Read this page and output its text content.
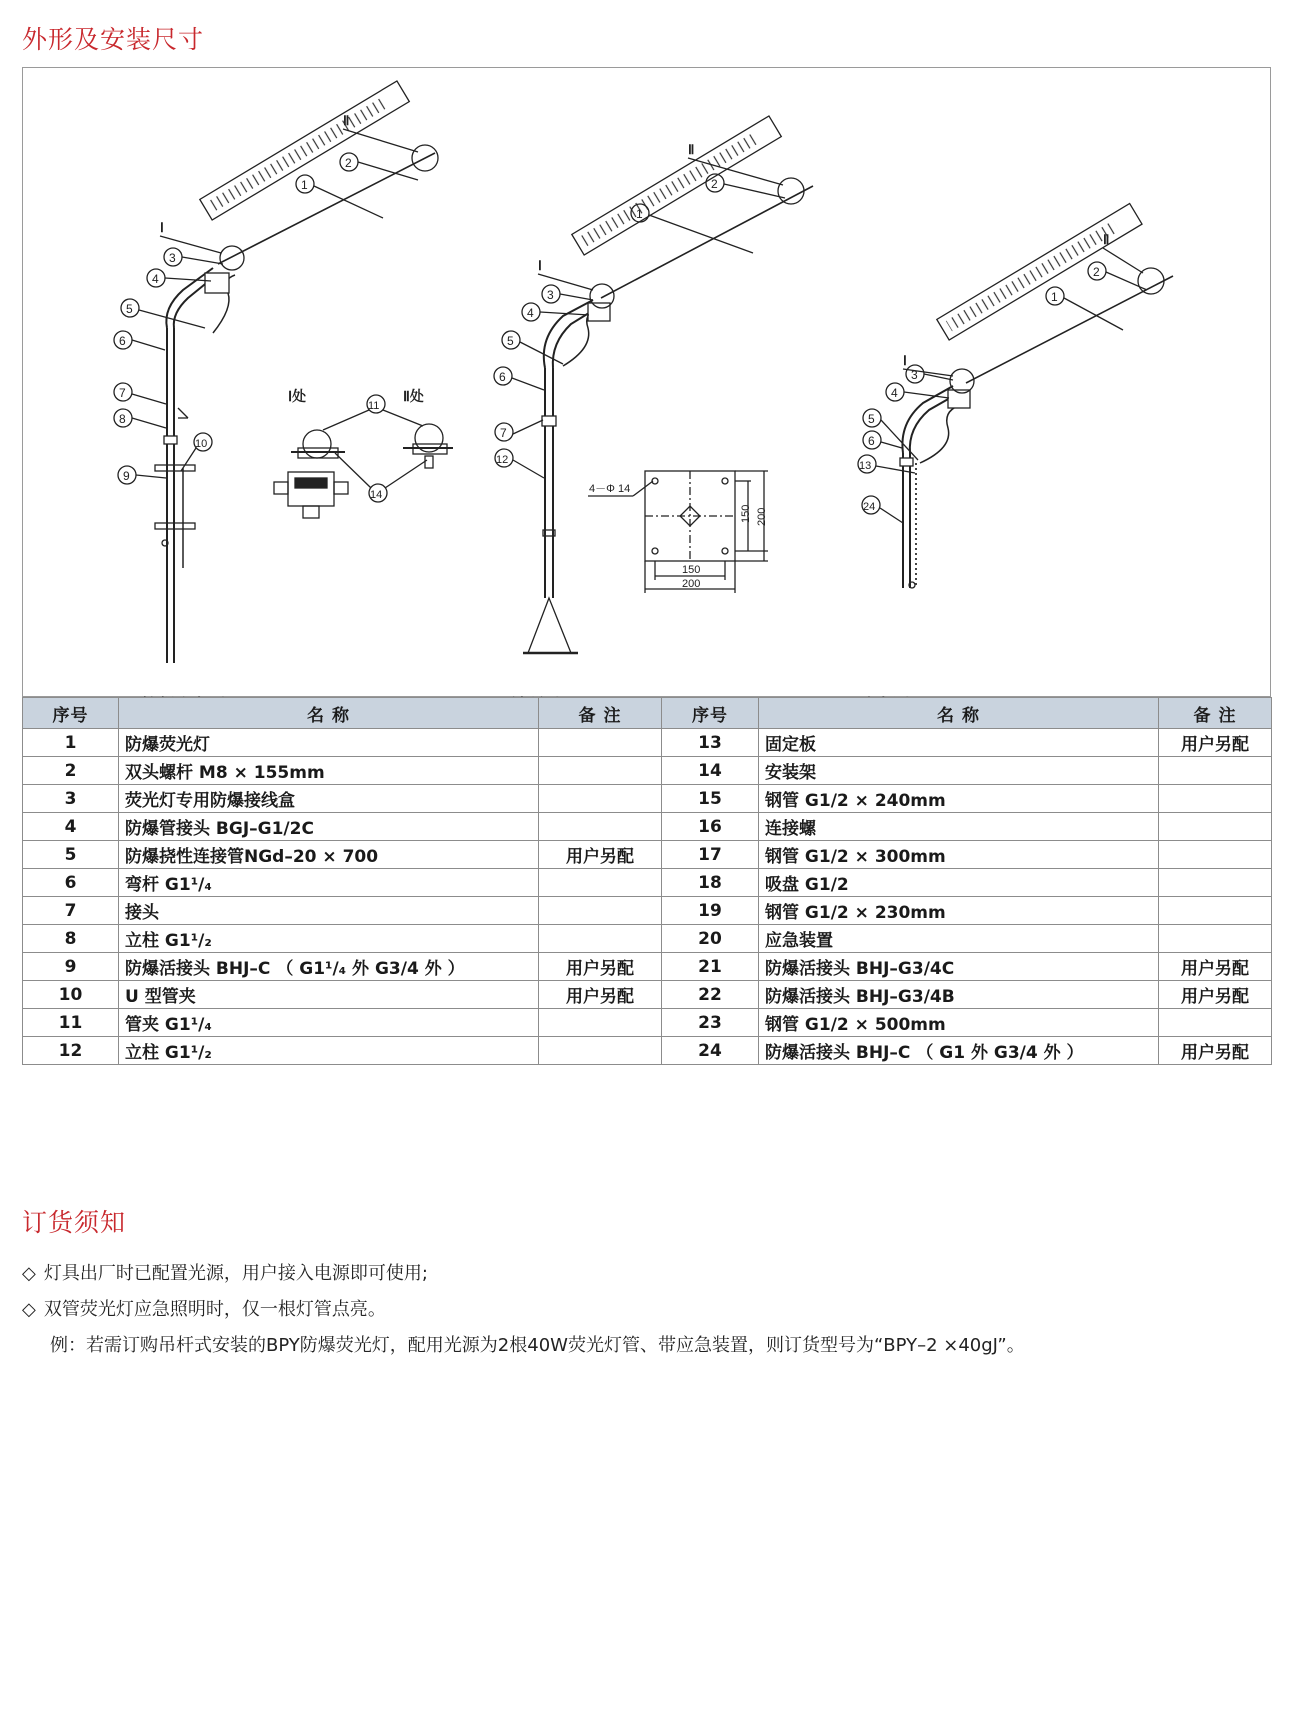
外形及安装尺寸
2
1
Ⅰ
Ⅱ
3
4
5
6
7
8
10
9
Ⅰ处	Ⅱ处
11
14
Ⅱ
2
1
Ⅰ
3
4
5
6
7
12
150 200
150
200
4－Φ 14
Ⅱ
2
1
Ⅰ
3
4
5
6
13
24
序号	名 称	备 注	序号	名 称	备 注
1	防爆荧光灯		13	固定板	用户另配
2	双头螺杆 M8 × 155mm		14	安装架	
3	荧光灯专用防爆接线盒		15	钢管 G1/2 × 240mm	
4	防爆管接头 BGJ–G1/2C		16	连接螺	
5	防爆挠性连接管NGd–20 × 700	用户另配	17	钢管 G1/2 × 300mm	
6	弯杆 G1¹/₄		18	吸盘 G1/2	
7	接头		19	钢管 G1/2 × 230mm	
8	立柱 G1¹/₂		20	应急装置	
9	防爆活接头 BHJ–C （ G1¹/₄ 外 G3/4 外 ）	用户另配	21	防爆活接头 BHJ–G3/4C	用户另配
10	U 型管夹	用户另配	22	防爆活接头 BHJ–G3/4B	用户另配
11	管夹 G1¹/₄		23	钢管 G1/2 × 500mm	
12	立柱 G1¹/₂		24	防爆活接头 BHJ–C （ G1 外 G3/4 外 ）	用户另配
订货须知

◇ 灯具出厂时已配置光源，用户接入电源即可使用;

◇ 双管荧光灯应急照明时，仅一根灯管点亮。

例：若需订购吊杆式安装的BPY防爆荧光灯，配用光源为2根40W荧光灯管、带应急装置，则订货型号为“BPY–2 ×40gJ”。
